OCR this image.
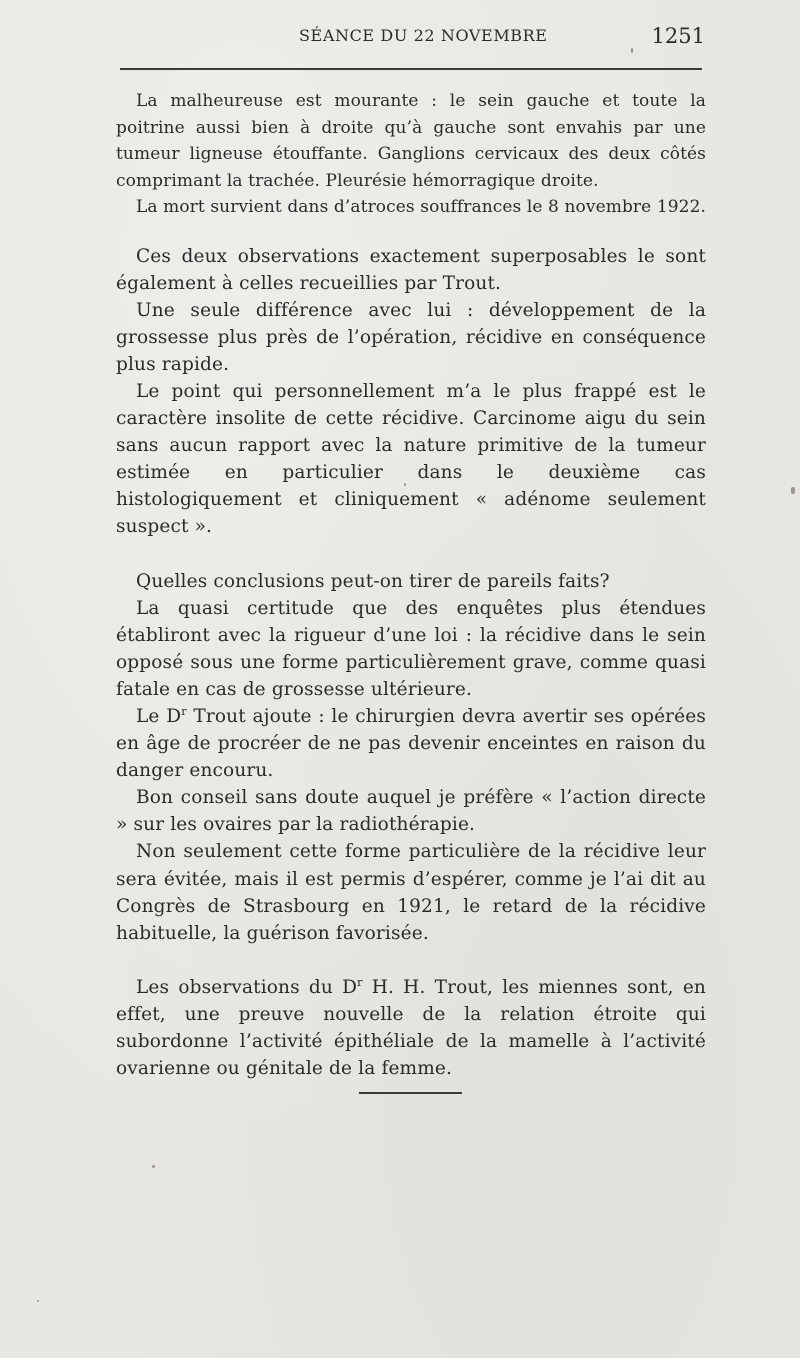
SÉANCE DU 22 NOVEMBRE	1251

La malheureuse est mourante : le sein gauche et toute la poitrine aussi bien à droite qu’à gauche sont envahis par une tumeur ligneuse étouffante. Ganglions cervicaux des deux côtés comprimant la trachée. Pleurésie hémorragique droite.

La mort survient dans d’atroces souffrances le 8 novembre 1922.

Ces deux observations exactement superposables le sont également à celles recueillies par Trout.

Une seule différence avec lui : développement de la grossesse plus près de l’opération, récidive en conséquence plus rapide.

Le point qui personnellement m’a le plus frappé est le caractère insolite de cette récidive. Carcinome aigu du sein sans aucun rapport avec la nature primitive de la tumeur estimée en particulier dans le deuxième cas histologiquement et cliniquement « adénome seulement suspect ».

Quelles conclusions peut-on tirer de pareils faits?

La quasi certitude que des enquêtes plus étendues établiront avec la rigueur d’une loi : la récidive dans le sein opposé sous une forme particulièrement grave, comme quasi fatale en cas de grossesse ultérieure.

Le $D^r$ Trout ajoute : le chirurgien devra avertir ses opérées en âge de procréer de ne pas devenir enceintes en raison du danger encouru.

Bon conseil sans doute auquel je préfère « l’action directe » sur les ovaires par la radiothérapie.

Non seulement cette forme particulière de la récidive leur sera évitée, mais il est permis d’espérer, comme je l’ai dit au Congrès de Strasbourg en 1921, le retard de la récidive habituelle, la guérison favorisée.

Les observations du $D^r$ H. H. Trout, les miennes sont, en effet, une preuve nouvelle de la relation étroite qui subordonne l’activité épithéliale de la mamelle à l’activité ovarienne ou génitale de la femme.
